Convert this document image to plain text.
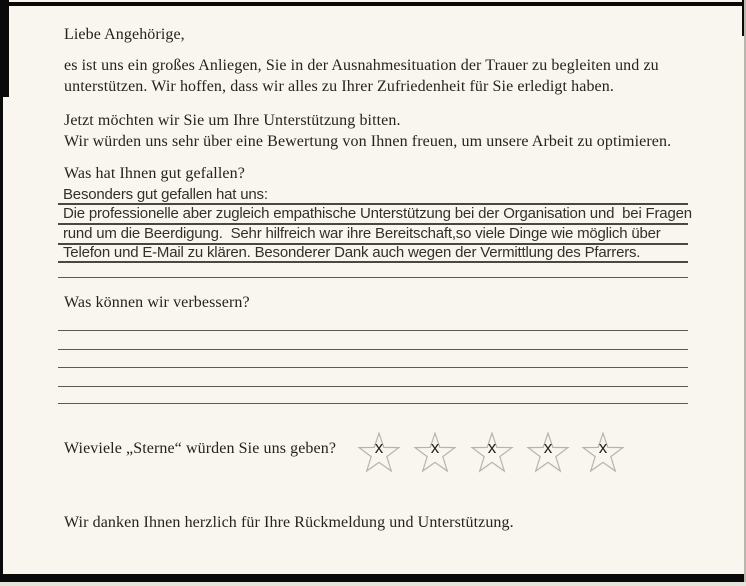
Liebe Angehörige,
es ist uns ein großes Anliegen, Sie in der Ausnahmesituation der Trauer zu begleiten und zu
unterstützen. Wir hoffen, dass wir alles zu Ihrer Zufriedenheit für Sie erledigt haben.
Jetzt möchten wir Sie um Ihre Unterstützung bitten.
Wir würden uns sehr über eine Bewertung von Ihnen freuen, um unsere Arbeit zu optimieren.
Was hat Ihnen gut gefallen?
Besonders gut gefallen hat uns:
Die professionelle aber zugleich empathische Unterstützung bei der Organisation und  bei Fragen
rund um die Beerdigung.  Sehr hilfreich war ihre Bereitschaft,so viele Dinge wie möglich über
Telefon und E-Mail zu klären. Besonderer Dank auch wegen der Vermittlung des Pfarrers.
Was können wir verbessern?
Wieviele „Sterne“ würden Sie uns geben?	x	x	x	x	x
Wir danken Ihnen herzlich für Ihre Rückmeldung und Unterstützung.
